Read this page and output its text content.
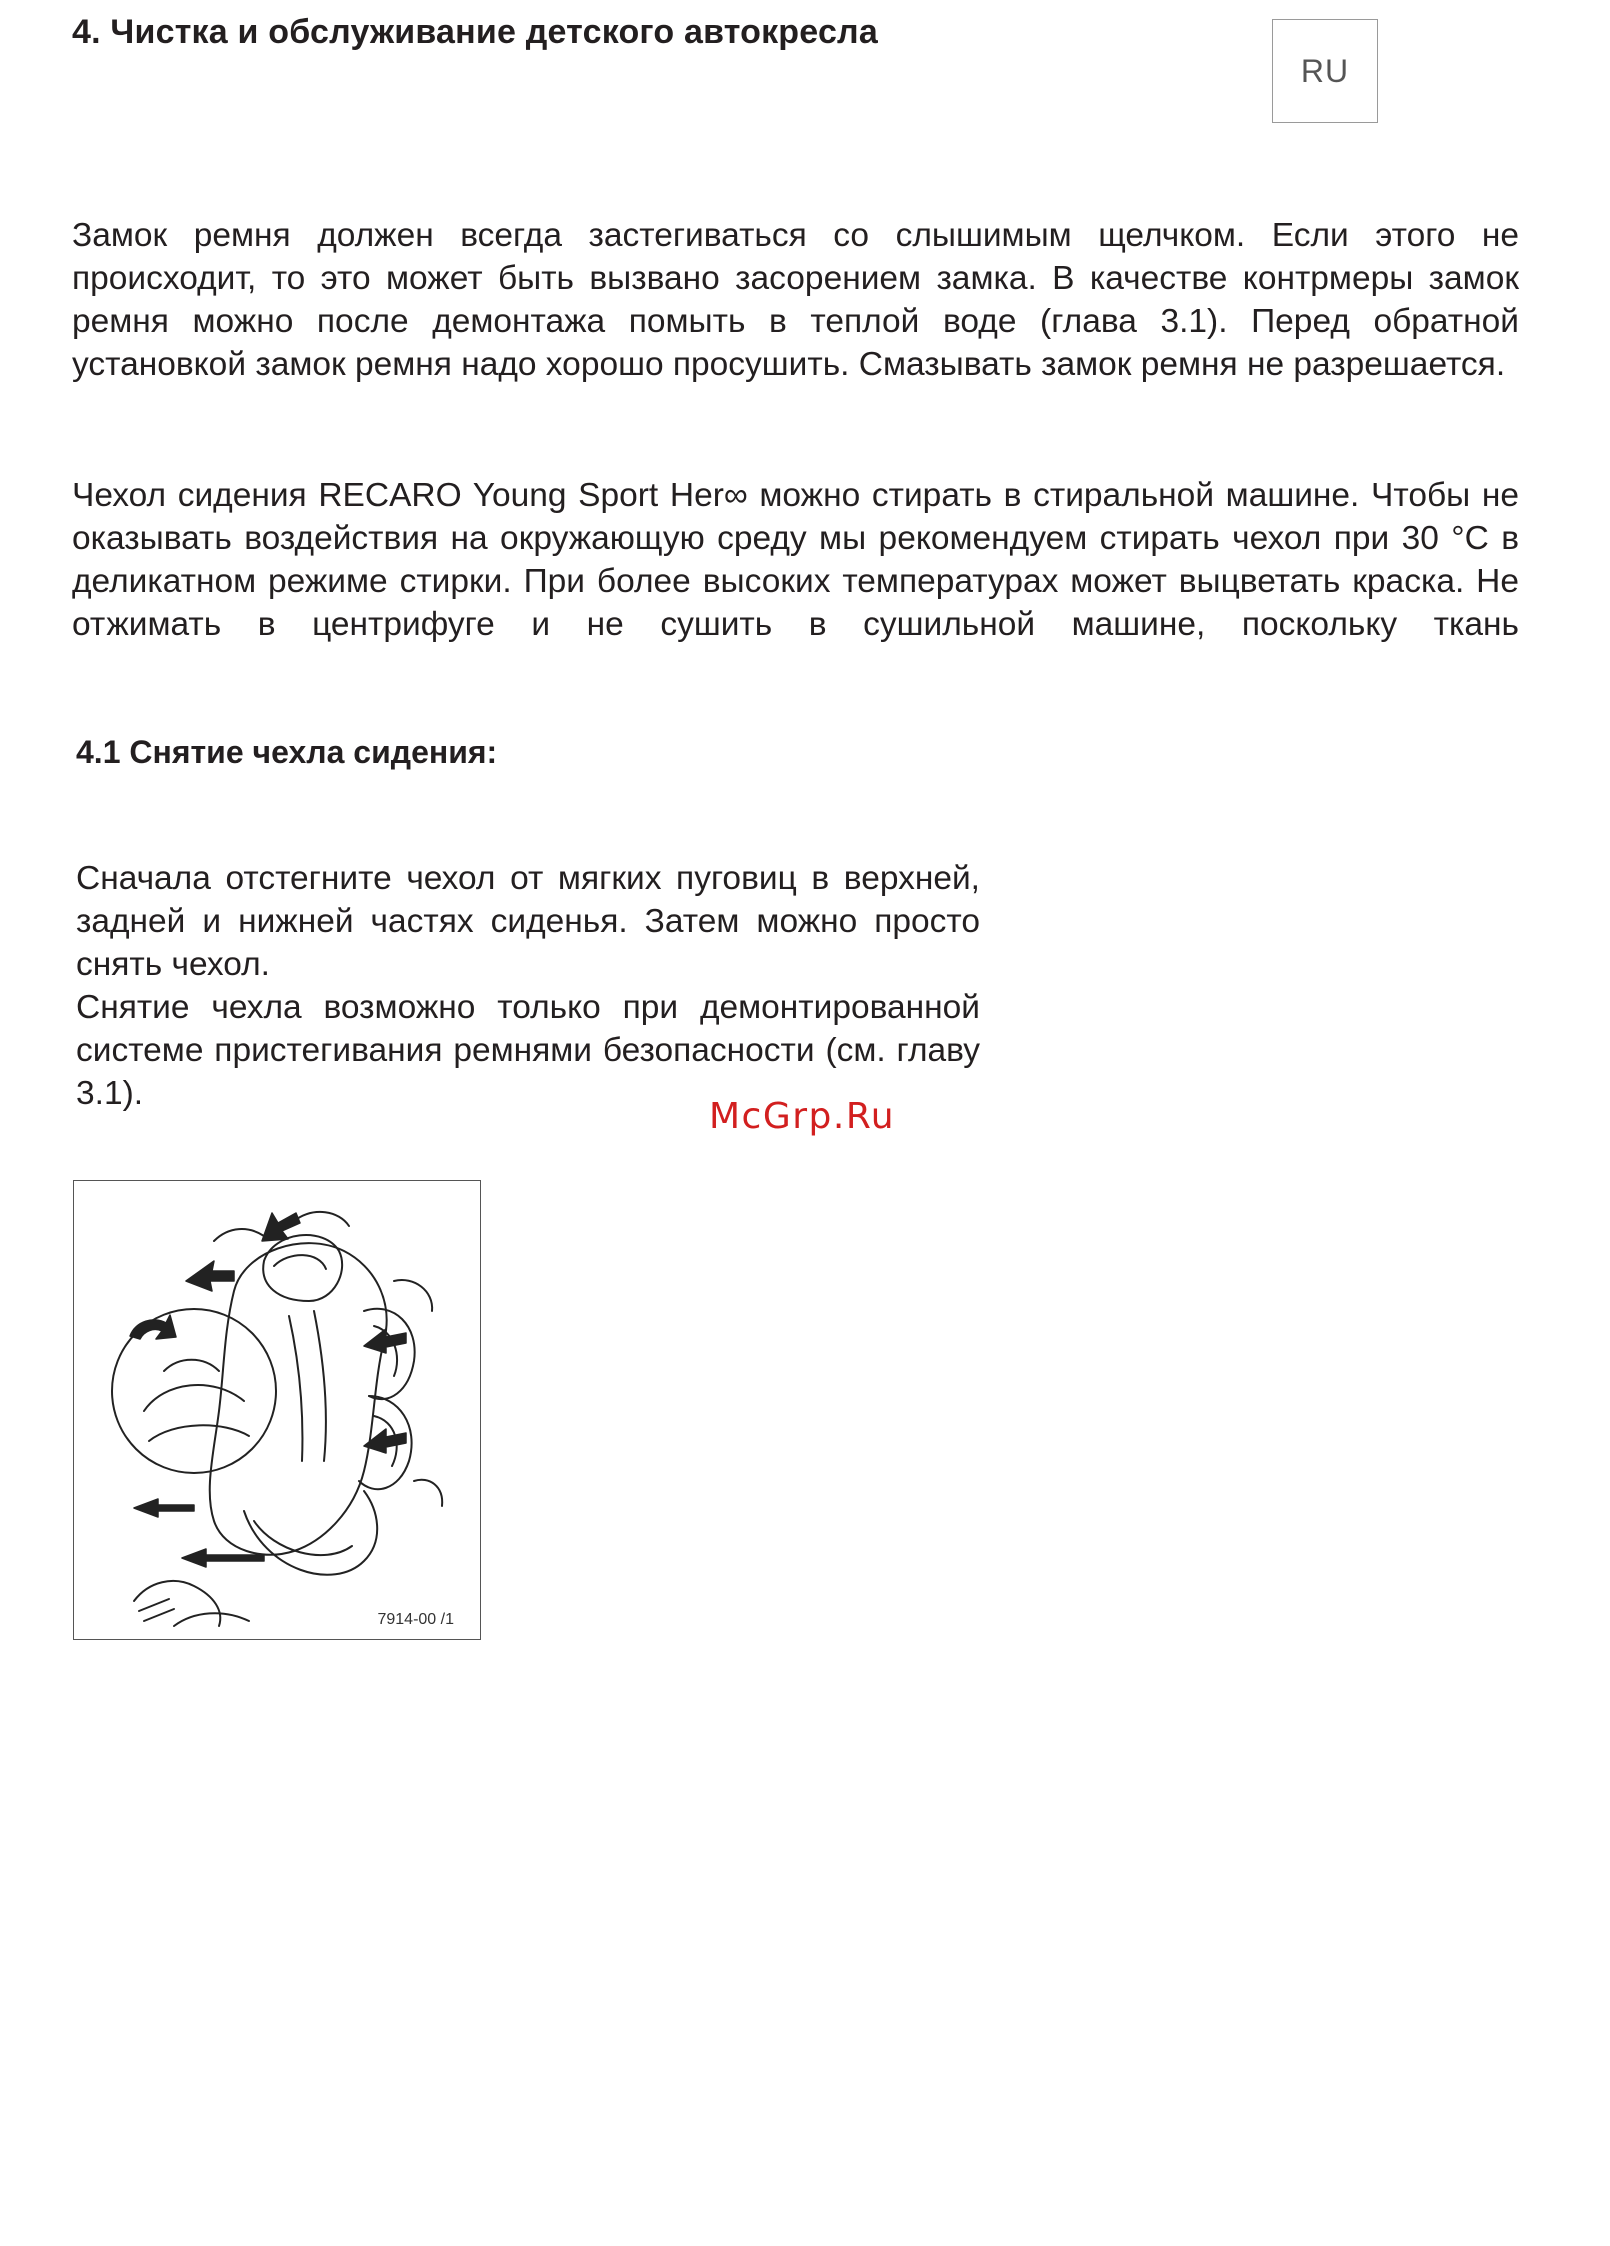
4. Чистка и обслуживание детского автокресла
RU

Замок ремня должен всегда застегиваться со слышимым щелчком. Если этого не происходит, то это может быть вызвано засорением замка. В качестве контрмеры замок ремня можно после демонтажа помыть в теплой воде (глава 3.1). Перед обратной установкой замок ремня надо хорошо просушить. Смазывать замок ремня не разрешается.

Чехол сидения RECARO Young Sport Her∞ можно стирать в стиральной машине. Чтобы не оказывать воздействия на окружающую среду мы рекомендуем стирать чехол при 30 °C в деликатном режиме стирки. При более высоких температурах может выцветать краска. Не отжимать в центрифуге и не сушить в сушильной машине, поскольку ткань

4.1 Снятие чехла сидения:
Сначала отстегните чехол от мягких пуговиц в верхней, задней и нижней частях сиденья. Затем можно просто снять чехол.
Снятие чехла возможно только при демонтированной системе пристегивания ремнями безопасности (см. главу 3.1).
McGrp.Ru
7914-00 /1
